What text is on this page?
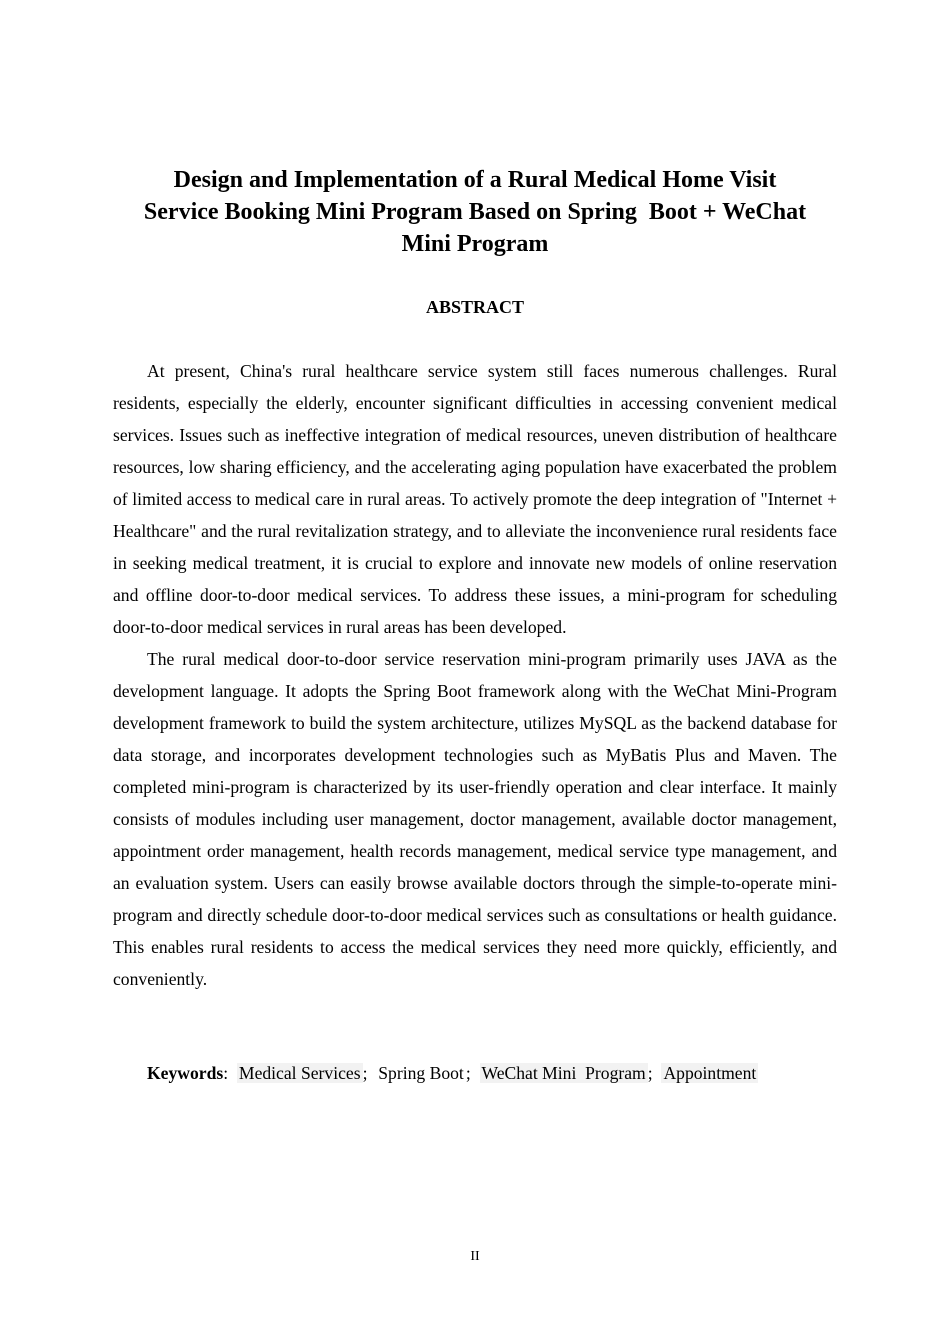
Design and Implementation of a Rural Medical Home Visit
Service Booking Mini Program Based on Spring  Boot + WeChat
Mini Program
ABSTRACT

At present, China's rural healthcare service system still faces numerous challenges. Rural residents, especially the elderly, encounter significant difficulties in accessing convenient medical services. Issues such as ineffective integration of medical resources, uneven distribution of healthcare resources, low sharing efficiency, and the accelerating aging population have exacerbated the problem of limited access to medical care in rural areas. To actively promote the deep integration of "Internet + Healthcare" and the rural revitalization strategy, and to alleviate the inconvenience rural residents face in seeking medical treatment, it is crucial to explore and innovate new models of online reservation and offline door-to-door medical services. To address these issues, a mini-program for scheduling door-to-door medical services in rural areas has been developed.

The rural medical door-to-door service reservation mini-program primarily uses JAVA as the development language. It adopts the Spring Boot framework along with the WeChat Mini-Program development framework to build the system architecture, utilizes MySQL as the backend database for data storage, and incorporates development technologies such as MyBatis Plus and Maven. The completed mini-program is characterized by its user-friendly operation and clear interface. It mainly consists of modules including user management, doctor management, available doctor management, appointment order management, health records management, medical service type management, and an evaluation system. Users can easily browse available doctors through the simple-to-operate mini-program and directly schedule door-to-door medical services such as consultations or health guidance. This enables rural residents to access the medical services they need more quickly, efficiently, and conveniently.

Keywords: Medical Services ; Spring Boot ; WeChat Mini  Program ; Appointment
II
